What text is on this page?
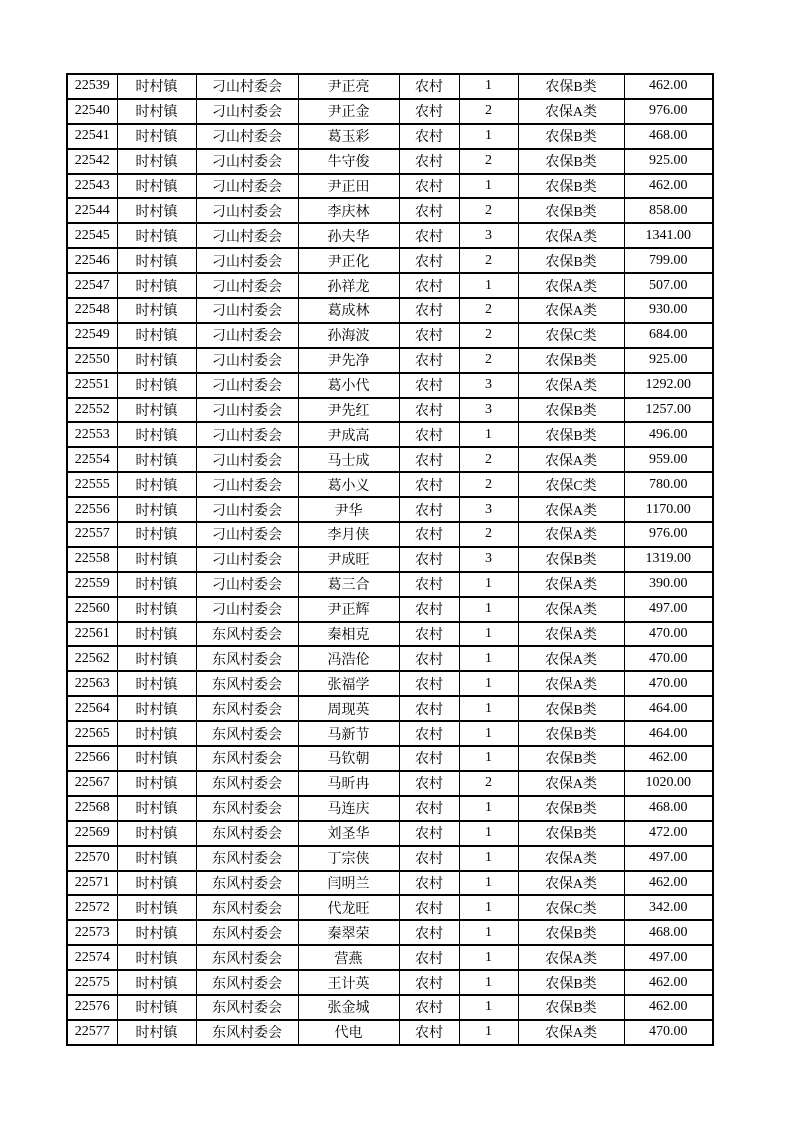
22539	时村镇	刁山村委会	尹正亮	农村	1	农保B类	462.00
22540	时村镇	刁山村委会	尹正金	农村	2	农保A类	976.00
22541	时村镇	刁山村委会	葛玉彩	农村	1	农保B类	468.00
22542	时村镇	刁山村委会	牛守俊	农村	2	农保B类	925.00
22543	时村镇	刁山村委会	尹正田	农村	1	农保B类	462.00
22544	时村镇	刁山村委会	李庆林	农村	2	农保B类	858.00
22545	时村镇	刁山村委会	孙夫华	农村	3	农保A类	1341.00
22546	时村镇	刁山村委会	尹正化	农村	2	农保B类	799.00
22547	时村镇	刁山村委会	孙祥龙	农村	1	农保A类	507.00
22548	时村镇	刁山村委会	葛成林	农村	2	农保A类	930.00
22549	时村镇	刁山村委会	孙海波	农村	2	农保C类	684.00
22550	时村镇	刁山村委会	尹先净	农村	2	农保B类	925.00
22551	时村镇	刁山村委会	葛小代	农村	3	农保A类	1292.00
22552	时村镇	刁山村委会	尹先红	农村	3	农保B类	1257.00
22553	时村镇	刁山村委会	尹成高	农村	1	农保B类	496.00
22554	时村镇	刁山村委会	马士成	农村	2	农保A类	959.00
22555	时村镇	刁山村委会	葛小义	农村	2	农保C类	780.00
22556	时村镇	刁山村委会	尹华	农村	3	农保A类	1170.00
22557	时村镇	刁山村委会	李月侠	农村	2	农保A类	976.00
22558	时村镇	刁山村委会	尹成旺	农村	3	农保B类	1319.00
22559	时村镇	刁山村委会	葛三合	农村	1	农保A类	390.00
22560	时村镇	刁山村委会	尹正辉	农村	1	农保A类	497.00
22561	时村镇	东风村委会	秦相克	农村	1	农保A类	470.00
22562	时村镇	东风村委会	冯浩伦	农村	1	农保A类	470.00
22563	时村镇	东风村委会	张福学	农村	1	农保A类	470.00
22564	时村镇	东风村委会	周现英	农村	1	农保B类	464.00
22565	时村镇	东风村委会	马新节	农村	1	农保B类	464.00
22566	时村镇	东风村委会	马钦朝	农村	1	农保B类	462.00
22567	时村镇	东风村委会	马昕冉	农村	2	农保A类	1020.00
22568	时村镇	东风村委会	马连庆	农村	1	农保B类	468.00
22569	时村镇	东风村委会	刘圣华	农村	1	农保B类	472.00
22570	时村镇	东风村委会	丁宗侠	农村	1	农保A类	497.00
22571	时村镇	东风村委会	闫明兰	农村	1	农保A类	462.00
22572	时村镇	东风村委会	代龙旺	农村	1	农保C类	342.00
22573	时村镇	东风村委会	秦翠荣	农村	1	农保B类	468.00
22574	时村镇	东风村委会	营燕	农村	1	农保A类	497.00
22575	时村镇	东风村委会	王计英	农村	1	农保B类	462.00
22576	时村镇	东风村委会	张金城	农村	1	农保B类	462.00
22577	时村镇	东风村委会	代电	农村	1	农保A类	470.00
